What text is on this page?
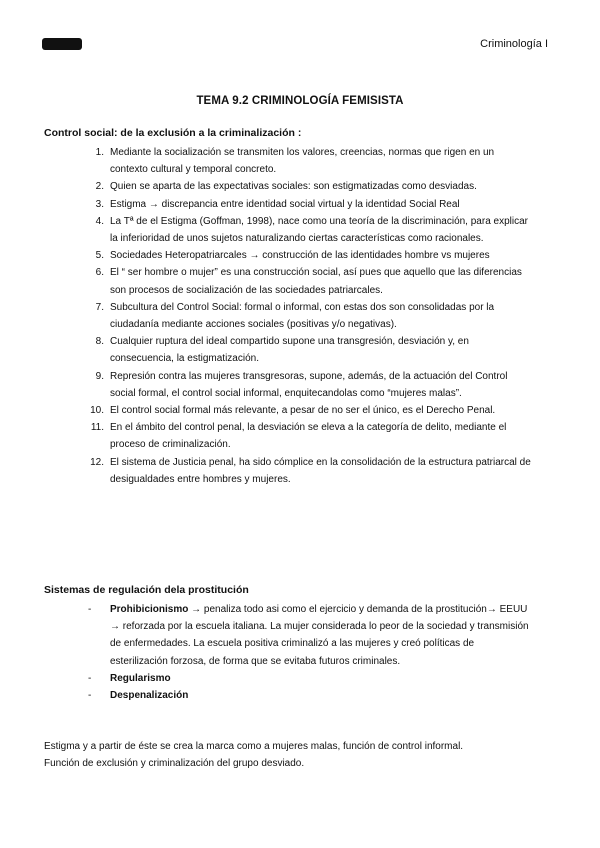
Criminología I
TEMA 9.2 CRIMINOLOGÍA FEMISISTA
Control social: de la exclusión a la criminalización :
1. Mediante la socialización se transmiten los valores, creencias, normas que rigen en un contexto cultural y temporal concreto.
2. Quien se aparta de las expectativas sociales: son estigmatizadas como desviadas.
3. Estigma → discrepancia entre identidad social virtual y la identidad Social Real
4. La Tª de el Estigma (Goffman, 1998), nace como una teoría de la discriminación, para explicar la inferioridad de unos sujetos naturalizando ciertas características como racionales.
5. Sociedades Heteropatriarcales → construcción de las identidades hombre vs mujeres
6. El “ ser hombre o mujer” es una construcción social, así pues que aquello que las diferencias son procesos de socialización de las sociedades patriarcales.
7. Subcultura del Control Social: formal o informal, con estas dos son consolidadas por la ciudadanía mediante acciones sociales (positivas y/o negativas).
8. Cualquier ruptura del ideal compartido supone una transgresión, desviación y, en consecuencia, la estigmatización.
9. Represión contra las mujeres transgresoras, supone, además, de la actuación del Control social formal, el control social informal, enquitecandolas como “mujeres malas”.
10. El control social formal más relevante, a pesar de no ser el único, es el Derecho Penal.
11. En el ámbito del control penal, la desviación se eleva a la categoría de delito, mediante el proceso de criminalización.
12. El sistema de Justicia penal, ha sido cómplice en la consolidación de la estructura patriarcal de desigualdades entre hombres y mujeres.
Sistemas de regulación dela prostitución
- Prohibicionismo → penaliza todo asi como el ejercicio y demanda de la prostitución→ EEUU → reforzada por la escuela italiana. La mujer considerada lo peor de la sociedad y transmisión de enfermedades. La escuela positiva criminalizó a las mujeres y creó políticas de esterilización forzosa, de forma que se evitaba futuros criminales.
- Regularismo
- Despenalización

Estigma y a partir de éste se crea la marca como a mujeres malas, función de control informal.

Función de exclusión y criminalización del grupo desviado.
